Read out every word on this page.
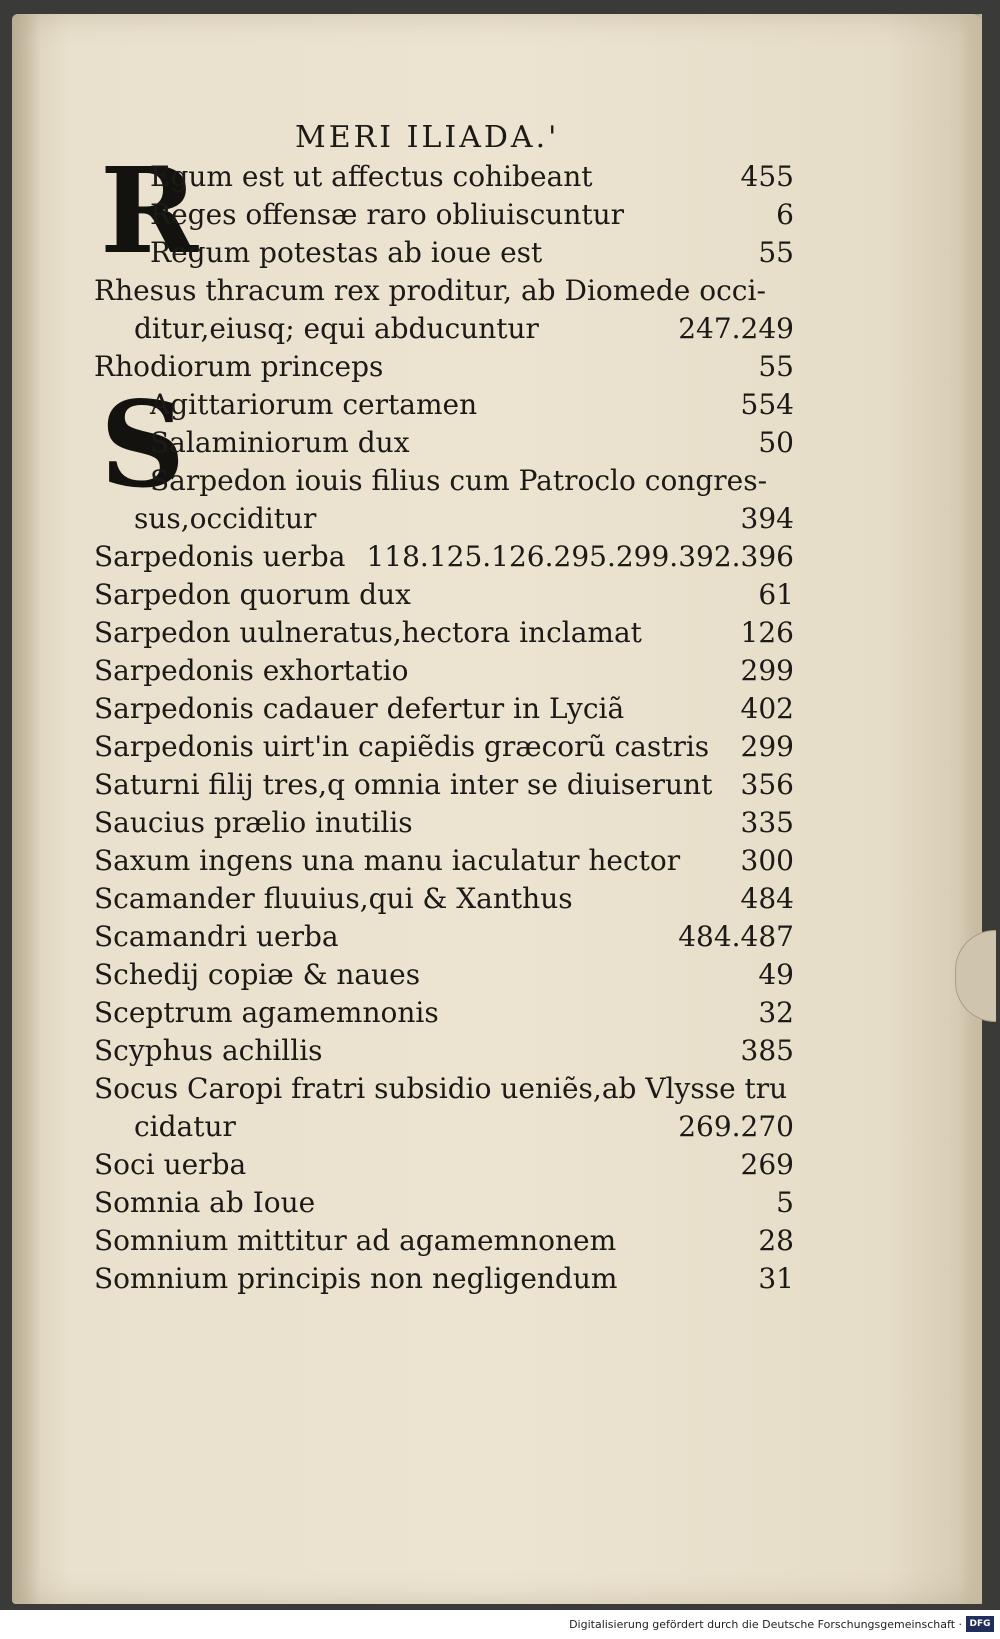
MERI ILIADA.'
R
S
Egum est ut affectus cohibeant	455
Reges offensæ raro obliuiscuntur	6
Regum potestas ab ioue est	55
Rhesus thracum rex proditur, ab Diomede occi-
ditur,eiusq; equi abducuntur	247.249
Rhodiorum princeps	55
Agittariorum certamen	554
Salaminiorum dux	50
Sarpedon iouis filius cum Patroclo congres-
sus,occiditur	394
Sarpedonis uerba 118.125.126.295.299.392.396
Sarpedon quorum dux	61
Sarpedon uulneratus,hectora inclamat	126
Sarpedonis exhortatio	299
Sarpedonis cadauer defertur in Lyciã	402
Sarpedonis uirt'in capiẽdis græcorũ castris 299
Saturni filij tres,q omnia inter se diuiserunt 356
Saucius prælio inutilis	335
Saxum ingens una manu iaculatur hector 300
Scamander fluuius,qui & Xanthus	484
Scamandri uerba	484.487
Schedij copiæ & naues	49
Sceptrum agamemnonis	32
Scyphus achillis	385
Socus Caropi fratri subsidio ueniẽs,ab Vlysse tru
cidatur	269.270
Soci uerba	269
Somnia ab Ioue	5
Somnium mittitur ad agamemnonem	28
Somnium principis non negligendum	31
Digitalisierung gefördert durch die Deutsche Forschungsgemeinschaft · DFG
